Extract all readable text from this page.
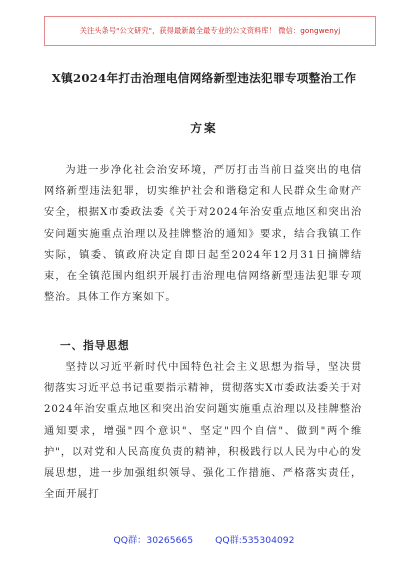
关注头条号"公文研究"，获得最新最全最专业的公文资料库！ 微信：gongwenyj
X镇2024年打击治理电信网络新型违法犯罪专项整治工作
方案

为进一步净化社会治安环境，严厉打击当前日益突出的电信网络新型违法犯罪，切实维护社会和谐稳定和人民群众生命财产安全，根据X市委政法委《关于对2024年治安重点地区和突出治安问题实施重点治理以及挂牌整治的通知》要求，结合我镇工作实际，镇委、镇政府决定自即日起至2024年12月31日摘牌结束，在全镇范围内组织开展打击治理电信网络新型违法犯罪专项整治。具体工作方案如下。

一、指导思想

坚持以习近平新时代中国特色社会主义思想为指导，坚决贯彻落实习近平总书记重要指示精神，贯彻落实X市委政法委关于对2024年治安重点地区和突出治安问题实施重点治理以及挂牌整治通知要求，增强"四个意识"、坚定"四个自信"、做到"两个维护"，以对党和人民高度负责的精神，积极践行以人民为中心的发展思想，进一步加强组织领导、强化工作措施、严格落实责任，全面开展打

QQ群：30265665 QQ群:535304092
